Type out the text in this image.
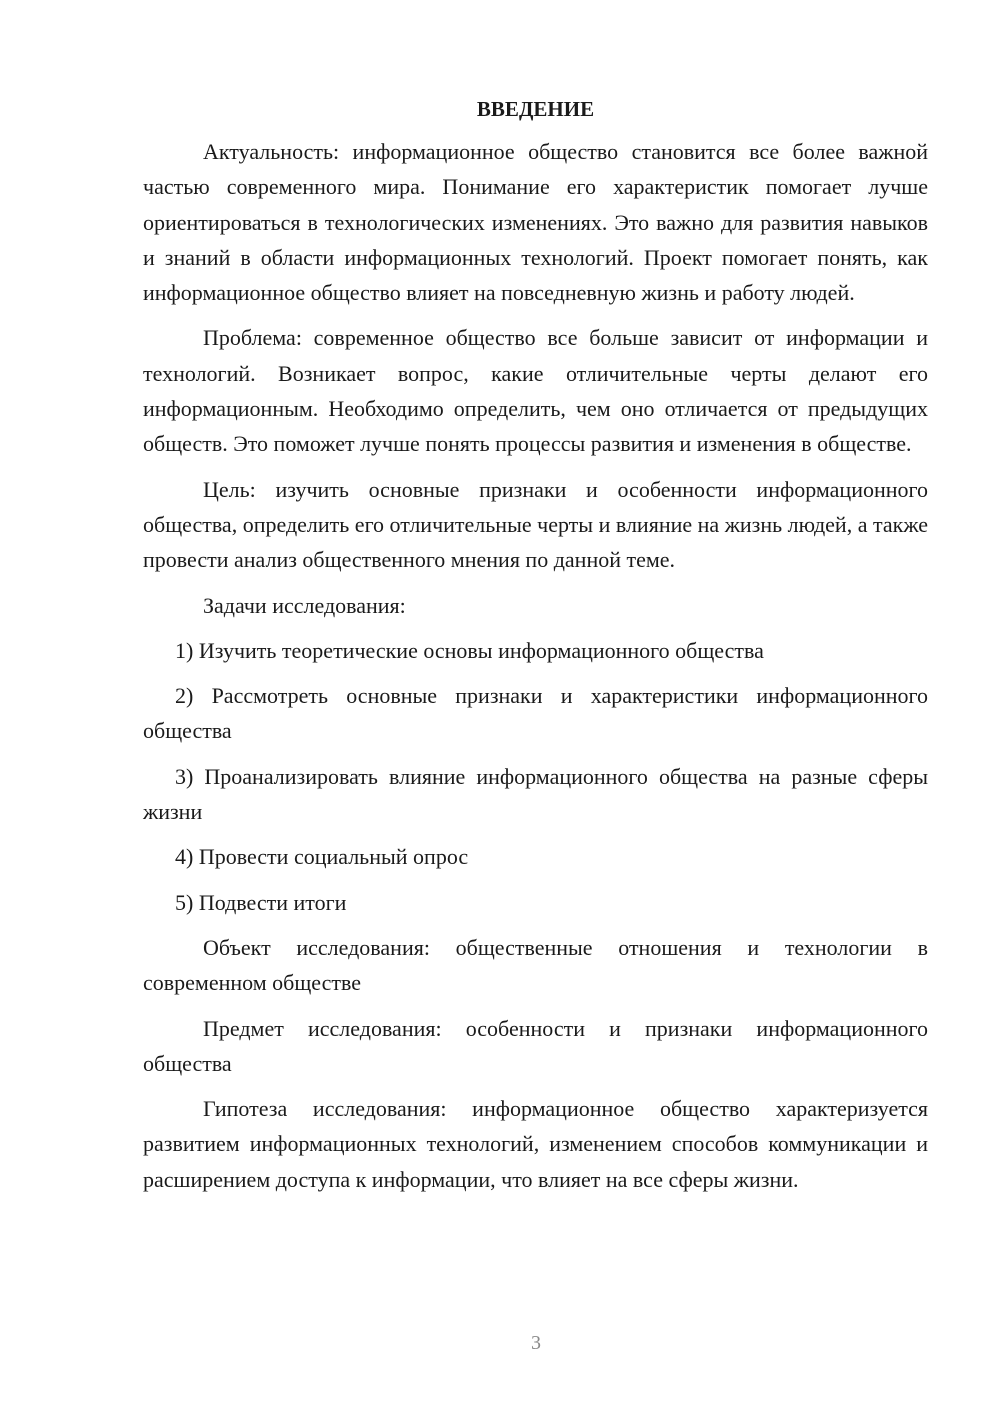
ВВЕДЕНИЕ

Актуальность: информационное общество становится все более важной частью современного мира. Понимание его характеристик помогает лучше ориентироваться в технологических изменениях. Это важно для развития навыков и знаний в области информационных технологий. Проект помогает понять, как информационное общество влияет на повседневную жизнь и работу людей.

Проблема: современное общество все больше зависит от информации и технологий. Возникает вопрос, какие отличительные черты делают его информационным. Необходимо определить, чем оно отличается от предыдущих обществ. Это поможет лучше понять процессы развития и изменения в обществе.

Цель: изучить основные признаки и особенности информационного общества, определить его отличительные черты и влияние на жизнь людей, а также провести анализ общественного мнения по данной теме.

Задачи исследования:

1) Изучить теоретические основы информационного общества

2) Рассмотреть основные признаки и характеристики информационного общества

3) Проанализировать влияние информационного общества на разные сферы жизни

4) Провести социальный опрос

5) Подвести итоги

Объект исследования: общественные отношения и технологии в современном обществе

Предмет исследования: особенности и признаки информационного общества

Гипотеза исследования: информационное общество характеризуется развитием информационных технологий, изменением способов коммуникации и расширением доступа к информации, что влияет на все сферы жизни.

3
